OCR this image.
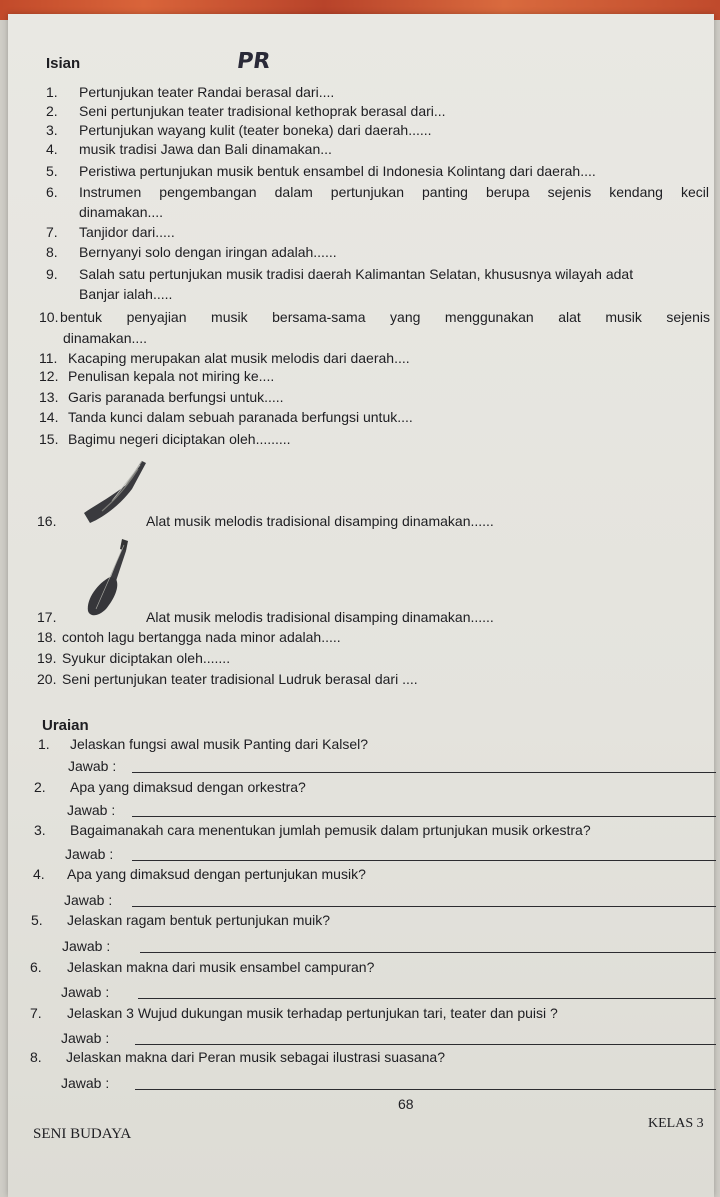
PR
Isian
1. Pertunjukan teater Randai berasal dari....
2. Seni pertunjukan teater tradisional kethoprak berasal dari...
3. Pertunjukan wayang kulit (teater boneka) dari daerah......
4. musik tradisi Jawa dan Bali dinamakan...
5. Peristiwa pertunjukan musik bentuk ensambel di Indonesia Kolintang dari daerah....
6. Instrumen pengembangan dalam pertunjukan panting berupa sejenis kendang kecil
dinamakan....
7. Tanjidor dari.....
8. Bernyanyi solo dengan iringan adalah......
9. Salah satu pertunjukan musik tradisi daerah Kalimantan Selatan, khususnya wilayah adat
Banjar ialah.....
10. bentuk penyajian musik bersama-sama yang menggunakan alat musik sejenis
dinamakan....
11. Kacaping merupakan alat musik melodis dari daerah....
12. Penulisan kepala not miring ke....
13. Garis paranada berfungsi untuk.....
14. Tanda kunci dalam sebuah paranada berfungsi untuk....
15. Bagimu negeri diciptakan oleh.........
16.	Alat musik melodis tradisional disamping dinamakan......
17.	Alat musik melodis tradisional disamping dinamakan......
18. contoh lagu bertangga nada minor adalah.....
19. Syukur diciptakan oleh.......
20. Seni pertunjukan teater tradisional Ludruk berasal dari ....
Uraian
1. Jelaskan fungsi awal musik Panting dari Kalsel?
Jawab :
2. Apa yang dimaksud dengan orkestra?
Jawab :
3. Bagaimanakah cara menentukan jumlah pemusik dalam prtunjukan musik orkestra?
Jawab :
4. Apa yang dimaksud dengan pertunjukan musik?
Jawab :
5. Jelaskan ragam bentuk pertunjukan muik?
Jawab :
6. Jelaskan makna dari musik ensambel campuran?
Jawab :
7. Jelaskan 3 Wujud dukungan musik terhadap pertunjukan tari, teater dan puisi ?
Jawab :
8. Jelaskan makna dari Peran musik sebagai ilustrasi suasana?
Jawab :
68
KELAS 3
SENI BUDAYA
